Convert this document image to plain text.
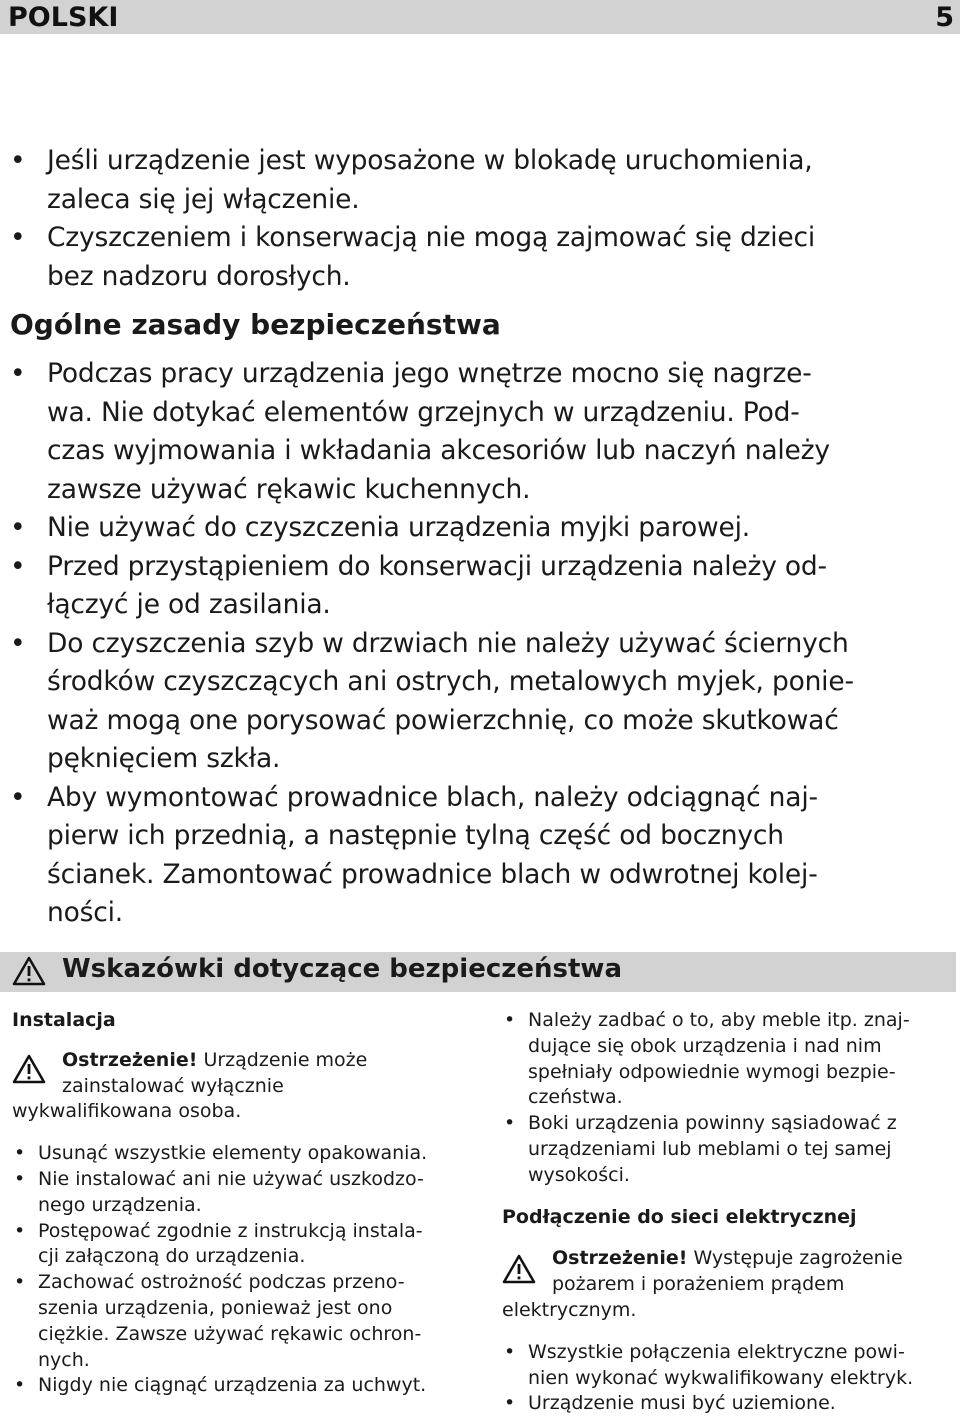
POLSKI	5
• Jeśli urządzenie jest wyposażone w blokadę uruchomienia,
zaleca się jej włączenie.
• Czyszczeniem i konserwacją nie mogą zajmować się dzieci
bez nadzoru dorosłych.
Ogólne zasady bezpieczeństwa
• Podczas pracy urządzenia jego wnętrze mocno się nagrze-
wa. Nie dotykać elementów grzejnych w urządzeniu. Pod-
czas wyjmowania i wkładania akcesoriów lub naczyń należy
zawsze używać rękawic kuchennych.
• Nie używać do czyszczenia urządzenia myjki parowej.
• Przed przystąpieniem do konserwacji urządzenia należy od-
łączyć je od zasilania.
• Do czyszczenia szyb w drzwiach nie należy używać ściernych
środków czyszczących ani ostrych, metalowych myjek, ponie-
waż mogą one porysować powierzchnię, co może skutkować
pęknięciem szkła.
• Aby wymontować prowadnice blach, należy odciągnąć naj-
pierw ich przednią, a następnie tylną część od bocznych
ścianek. Zamontować prowadnice blach w odwrotnej kolej-
ności.
Wskazówki dotyczące bezpieczeństwa
Instalacja
Ostrzeżenie! Urządzenie może
zainstalować wyłącznie
wykwalifikowana osoba.
• Usunąć wszystkie elementy opakowania.
• Nie instalować ani nie używać uszkodzo-
nego urządzenia.
• Postępować zgodnie z instrukcją instala-
cji załączoną do urządzenia.
• Zachować ostrożność podczas przeno-
szenia urządzenia, ponieważ jest ono
ciężkie. Zawsze używać rękawic ochron-
nych.
• Nigdy nie ciągnąć urządzenia za uchwyt.
• Należy zadbać o to, aby meble itp. znaj-
dujące się obok urządzenia i nad nim
spełniały odpowiednie wymogi bezpie-
czeństwa.
• Boki urządzenia powinny sąsiadować z
urządzeniami lub meblami o tej samej
wysokości.
Podłączenie do sieci elektrycznej
Ostrzeżenie! Występuje zagrożenie
pożarem i porażeniem prądem
elektrycznym.
• Wszystkie połączenia elektryczne powi-
nien wykonać wykwalifikowany elektryk.
• Urządzenie musi być uziemione.
